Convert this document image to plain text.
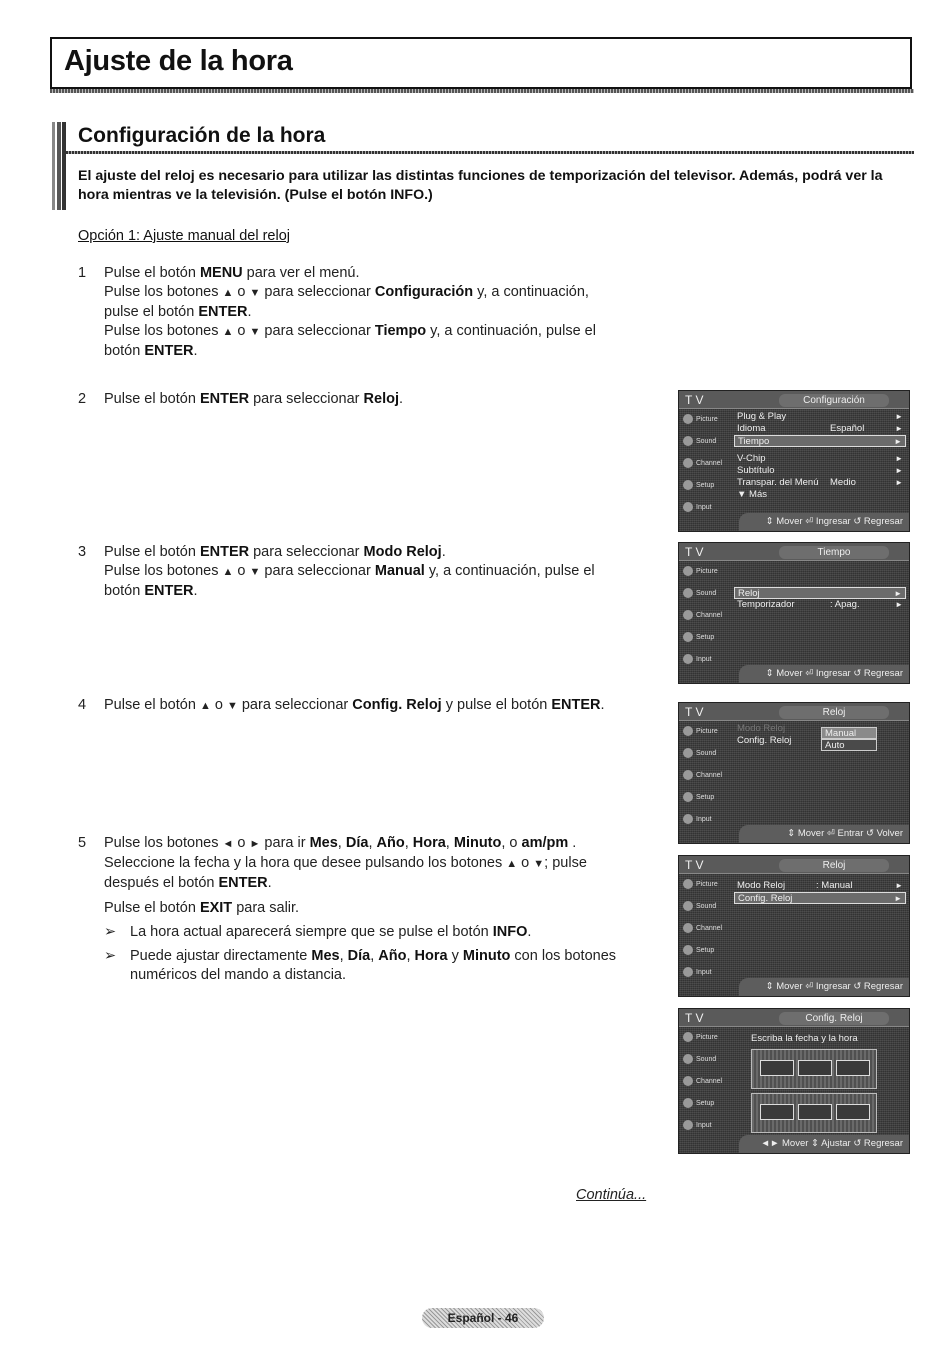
Ajuste de la hora
Configuración de la hora
El ajuste del reloj es necesario para utilizar las distintas funciones de temporización del televisor. Además, podrá ver la hora mientras ve la televisión. (Pulse el botón INFO.)
Opción 1: Ajuste manual del reloj
1 Pulse el botón MENU para ver el menú.

Pulse los botones ▲ o ▼ para seleccionar Configuración y, a continuación,

pulse el botón ENTER.

Pulse los botones ▲ o ▼ para seleccionar Tiempo y, a continuación, pulse el

botón ENTER.

2 Pulse el botón ENTER para seleccionar Reloj.

3 Pulse el botón ENTER para seleccionar Modo Reloj.

Pulse los botones ▲ o ▼ para seleccionar Manual y, a continuación, pulse el

botón ENTER.

4 Pulse el botón ▲ o ▼ para seleccionar Config. Reloj y pulse el botón ENTER.

5 Pulse los botones ◄ o ► para ir Mes, Día, Año, Hora, Minuto, o am/pm .

Seleccione la fecha y la hora que desee pulsando los botones ▲ o ▼; pulse

después el botón ENTER.

Pulse el botón EXIT para salir.

➢ La hora actual aparecerá siempre que se pulse el botón INFO.
➢ Puede ajustar directamente Mes, Día, Año, Hora y Minuto con los botones numéricos del mando a distancia.
T V	Configuración
Picture
Sound
Channel
Setup
Input
Plug & Play	►
Idioma	Español	►
Tiempo	►
V-Chip	►
Subtítulo	►
Transpar. del Menú Medio	►
▼ Más
⇕ Mover ⏎ Ingresar ↺ Regresar
T V	Tiempo
Picture
Sound
Channel
Setup
Input
Reloj	►
Temporizador	: Apag.	►
⇕ Mover ⏎ Ingresar ↺ Regresar
T V	Reloj
Picture
Sound
Channel
Setup
Input
Modo Reloj
Config. Reloj
Manual
Auto
⇕ Mover ⏎ Entrar ↺ Volver
T V	Reloj
Picture
Sound
Channel
Setup
Input
Modo Reloj	: Manual	►
Config. Reloj	►
⇕ Mover ⏎ Ingresar ↺ Regresar
T V	Config. Reloj
Picture
Sound
Channel
Setup
Input
Escriba la fecha y la hora
◄► Mover ⇕ Ajustar ↺ Regresar
Continúa...
Español - 46
